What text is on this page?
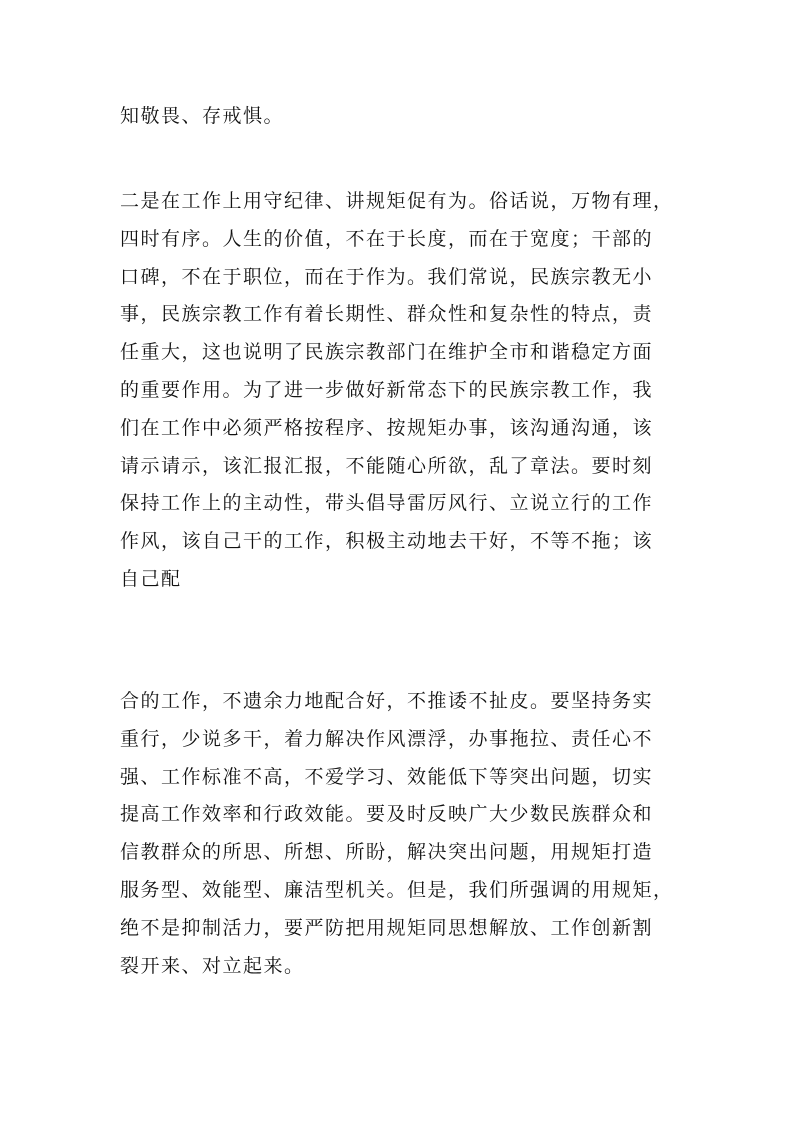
知敬畏、存戒惧。

二是在工作上用守纪律、讲规矩促有为。俗话说，万物有理，
四时有序。人生的价值，不在于长度，而在于宽度；干部的
口碑，不在于职位，而在于作为。我们常说，民族宗教无小
事，民族宗教工作有着长期性、群众性和复杂性的特点，责
任重大，这也说明了民族宗教部门在维护全市和谐稳定方面
的重要作用。为了进一步做好新常态下的民族宗教工作，我
们在工作中必须严格按程序、按规矩办事，该沟通沟通，该
请示请示，该汇报汇报，不能随心所欲，乱了章法。要时刻
保持工作上的主动性，带头倡导雷厉风行、立说立行的工作
作风，该自己干的工作，积极主动地去干好，不等不拖；该
自己配

合的工作，不遗余力地配合好，不推诿不扯皮。要坚持务实
重行，少说多干，着力解决作风漂浮，办事拖拉、责任心不
强、工作标准不高，不爱学习、效能低下等突出问题，切实
提高工作效率和行政效能。要及时反映广大少数民族群众和
信教群众的所思、所想、所盼，解决突出问题，用规矩打造
服务型、效能型、廉洁型机关。但是，我们所强调的用规矩，
绝不是抑制活力，要严防把用规矩同思想解放、工作创新割
裂开来、对立起来。
